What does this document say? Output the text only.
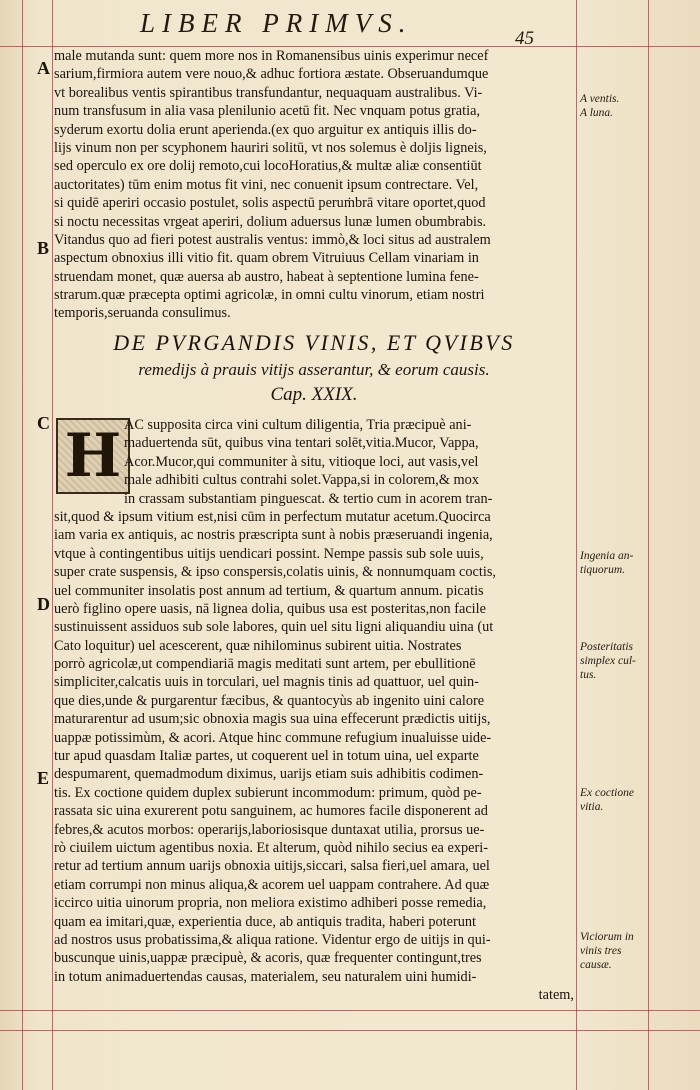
LIBER PRIMVS.
45
A
B
C
D
E
male mutanda sunt: quem more nos in Romanensibus uinis experimur necef
sarium,firmiora autem vere nouo,& adhuc fortiora æstate. Obseruandumque
vt borealibus ventis spirantibus transfundantur, nequaquam australibus. Vi-
num transfusum in alia vasa plenilunio acetū fit. Nec vnquam potus gratia,
syderum exortu dolia erunt aperienda.(ex quo arguitur ex antiquis illis do-
lijs vinum non per scyphonem hauriri solitū, vt nos solemus è doljis ligneis,
sed operculo ex ore dolij remoto,cui locoHoratius,& multæ aliæ consentiūt
auctoritates) tūm enim motus fit vini, nec conuenit ipsum contrectare. Vel,
si quidē aperiri occasio postulet, solis aspectū peruṁbrā vitare oportet,quod
si noctu necessitas vrgeat aperiri, dolium aduersus lunæ lumen obumbrabis.
Vitandus quo ad fieri potest australis ventus: immò,& loci situs ad australem
aspectum obnoxius illi vitio fit. quam obrem Vitruiuus Cellam vinariam in
struendam monet, quæ auersa ab austro, habeat à septentione lumina fene-
strarum.quæ præcepta optimi agricolæ, in omni cultu vinorum, etiam nostri
temporis,seruanda consulimus.
DE PVRGANDIS VINIS, ET QVIBVS
remedijs à prauis vitijs asserantur, & eorum causis.
Cap. XXIX.
H AC supposita circa vini cultum diligentia, Tria præcipuè ani-
maduertenda sūt, quibus vina tentari solēt,vitia.Mucor, Vappa,
Acor.Mucor,qui communiter à situ, vitioque loci, aut vasis,vel
male adhibiti cultus contrahi solet.Vappa,si in colorem,& mox
in crassam substantiam pinguescat. & tertio cum in acorem tran-
sit,quod & ipsum vitium est,nisi cūm in perfectum mutatur acetum.Quocirca
iam varia ex antiquis, ac nostris præscripta sunt à nobis præseruandi ingenia,
vtque à contingentibus uitijs uendicari possint. Nempe passis sub sole uuis,
super crate suspensis, & ipso conspersis,colatis uinis, & nonnumquam coctis,
uel communiter insolatis post annum ad tertium, & quartum annum. picatis
uerò figlino opere uasis, nā lignea dolia, quibus usa est posteritas,non facile
sustinuissent assiduos sub sole labores, quin uel situ ligni aliquandiu uina (ut
Cato loquitur) uel acescerent, quæ nihilominus subirent uitia. Nostrates
porrò agricolæ,ut compendiariā magis meditati sunt artem, per ebullitionē
simpliciter,calcatis uuis in torculari, uel magnis tinis ad quattuor, uel quin-
que dies,unde & purgarentur fæcibus, & quantocyùs ab ingenito uini calore
maturarentur ad usum;sic obnoxia magis sua uina effecerunt prædictis uitijs,
uappæ potissimùm, & acori. Atque hinc commune refugium inualuisse uide-
tur apud quasdam Italiæ partes, ut coquerent uel in totum uina, uel exparte
despumarent, quemadmodum diximus, uarijs etiam suis adhibitis codimen-
tis. Ex coctione quidem duplex subierunt incommodum: primum, quòd pe-
rassata sic uina exurerent potu sanguinem, ac humores facile disponerent ad
febres,& acutos morbos: operarijs,laboriosisque duntaxat utilia, prorsus ue-
rò ciuilem uictum agentibus noxia. Et alterum, quòd nihilo secius ea experi-
retur ad tertium annum uarijs obnoxia uitijs,siccari, salsa fieri,uel amara, uel
etiam corrumpi non minus aliqua,& acorem uel uappam contrahere. Ad quæ
iccirco uitia uinorum propria, non meliora existimo adhiberi posse remedia,
quam ea imitari,quæ, experientia duce, ab antiquis tradita, haberi poterunt
ad nostros usus probatissima,& aliqua ratione. Videntur ergo de uitijs in qui-
buscunque uinis,uappæ præcipuè, & acoris, quæ frequenter contingunt,tres
in totum animaduertendas causas, materialem, seu naturalem uini humidi-
tatem,
A ventis.
A luna.
Ingenia an-
tiquorum.
Posteritatis
simplex cul-
tus.
Ex coctione
vitia.
Viciorum in
vinis tres
causæ.
